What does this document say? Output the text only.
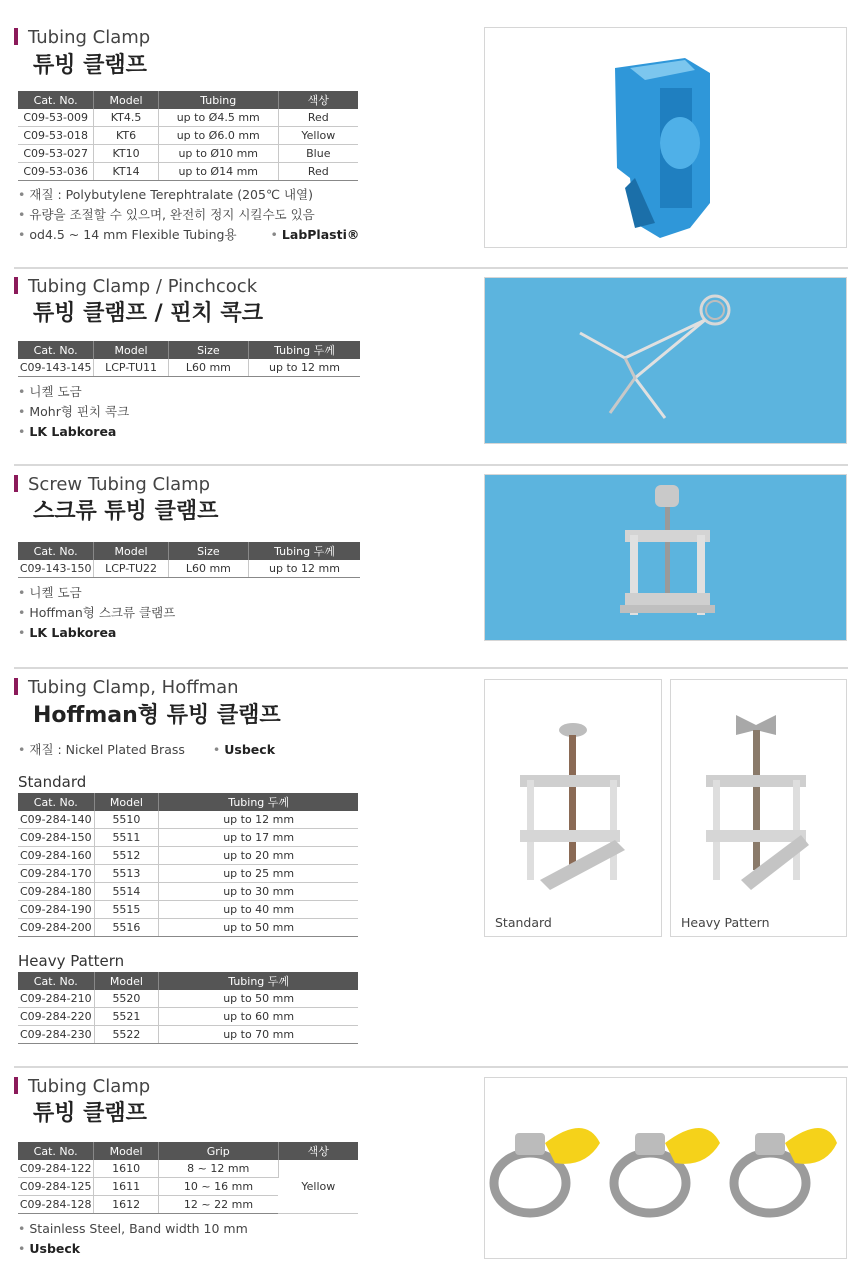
Tubing Clamp
튜빙 클램프
Cat. No.	Model	Tubing	색상
C09-53-009	KT4.5	up to Ø4.5 mm	Red
C09-53-018	KT6	up to Ø6.0 mm	Yellow
C09-53-027	KT10	up to Ø10 mm	Blue
C09-53-036	KT14	up to Ø14 mm	Red
• 재질 : Polybutylene Terephtralate (205℃ 내열)
• 유량을 조절할 수 있으며, 완전히 정지 시킬수도 있음
• od4.5 ~ 14 mm Flexible Tubing용	• LabPlasti®
Tubing Clamp / Pinchcock
튜빙 클램프 / 핀치 콕크
Cat. No.	Model	Size	Tubing 두께
C09-143-145	LCP-TU11	L60 mm	up to 12 mm
• 니켈 도금
• Mohr형 핀치 콕크
• LK Labkorea
Screw Tubing Clamp
스크류 튜빙 클램프
Cat. No.	Model	Size	Tubing 두께
C09-143-150	LCP-TU22	L60 mm	up to 12 mm
• 니켈 도금
• Hoffman형 스크류 클램프
• LK Labkorea
Tubing Clamp, Hoffman
Hoffman형 튜빙 클램프
• 재질 : Nickel Plated Brass • Usbeck
Standard
Cat. No.	Model	Tubing 두께
C09-284-140	5510	up to 12 mm
C09-284-150	5511	up to 17 mm
C09-284-160	5512	up to 20 mm
C09-284-170	5513	up to 25 mm
C09-284-180	5514	up to 30 mm
C09-284-190	5515	up to 40 mm
C09-284-200	5516	up to 50 mm
Heavy Pattern
Cat. No.	Model	Tubing 두께
C09-284-210	5520	up to 50 mm
C09-284-220	5521	up to 60 mm
C09-284-230	5522	up to 70 mm
Standard	Heavy Pattern
Tubing Clamp
튜빙 클램프
Cat. No.	Model	Grip	색상
C09-284-122	1610	8 ~ 12 mm	Yellow
C09-284-125	1611	10 ~ 16 mm	
C09-284-128	1612	12 ~ 22 mm	
• Stainless Steel, Band width 10 mm
• Usbeck
